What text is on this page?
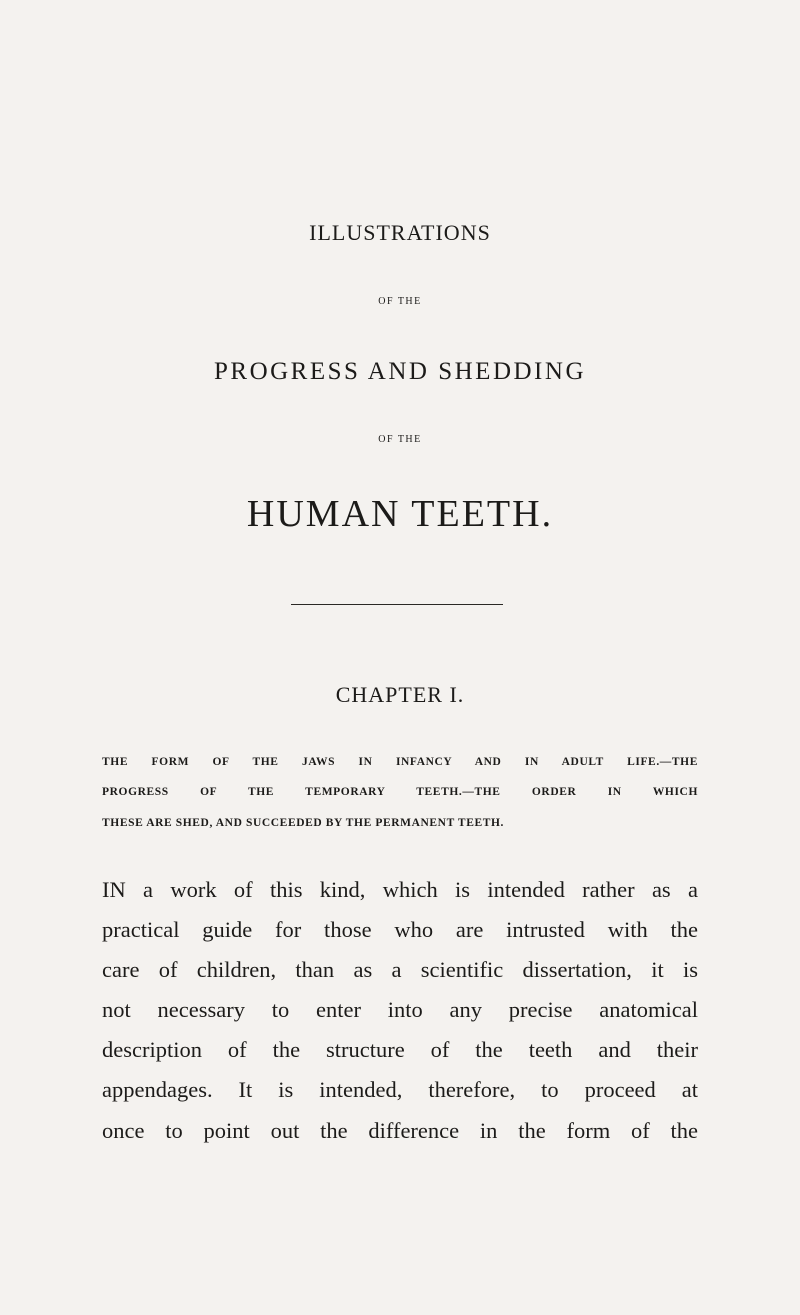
ILLUSTRATIONS
OF THE
PROGRESS AND SHEDDING
OF THE
HUMAN TEETH.
CHAPTER I.
THE FORM OF THE JAWS IN INFANCY AND IN ADULT LIFE.—THE
PROGRESS OF THE TEMPORARY TEETH.—THE ORDER IN WHICH
THESE ARE SHED, AND SUCCEEDED BY THE PERMANENT TEETH.
IN a work of this kind, which is intended rather as a
practical guide for those who are intrusted with the
care of children, than as a scientific dissertation, it is
not necessary to enter into any precise anatomical
description of the structure of the teeth and their
appendages. It is intended, therefore, to proceed at
once to point out the difference in the form of the
